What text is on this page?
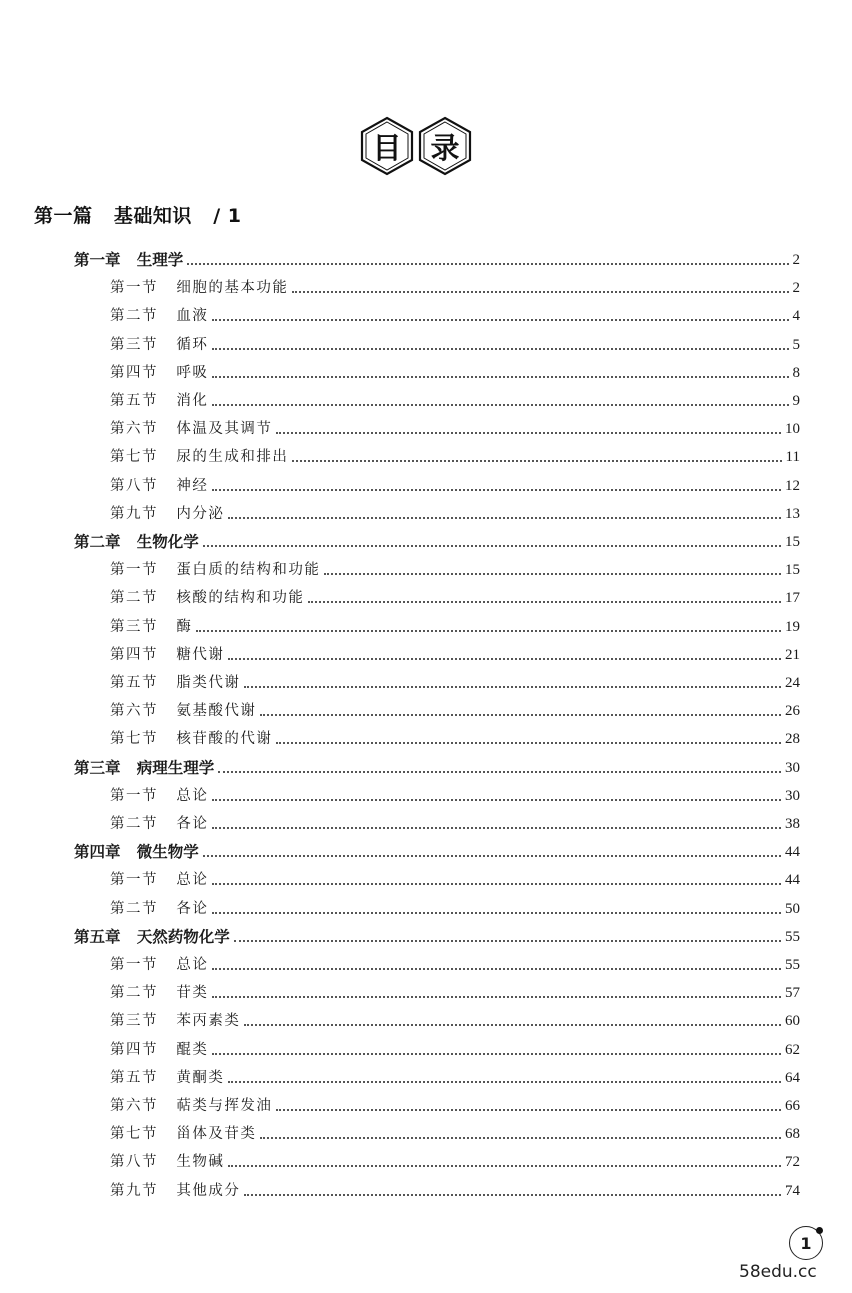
目 录
第一篇   基础知识   / 1
第一章   生理学	2
第一节   细胞的基本功能	2
第二节   血液	4
第三节   循环	5
第四节   呼吸	8
第五节   消化	9
第六节   体温及其调节	10
第七节   尿的生成和排出	11
第八节   神经	12
第九节   内分泌	13
第二章   生物化学	15
第一节   蛋白质的结构和功能	15
第二节   核酸的结构和功能	17
第三节   酶	19
第四节   糖代谢	21
第五节   脂类代谢	24
第六节   氨基酸代谢	26
第七节   核苷酸的代谢	28
第三章   病理生理学	30
第一节   总论	30
第二节   各论	38
第四章   微生物学	44
第一节   总论	44
第二节   各论	50
第五章   天然药物化学	55
第一节   总论	55
第二节   苷类	57
第三节   苯丙素类	60
第四节   醌类	62
第五节   黄酮类	64
第六节   萜类与挥发油	66
第七节   甾体及苷类	68
第八节   生物碱	72
第九节   其他成分	74
1
58edu.cc
